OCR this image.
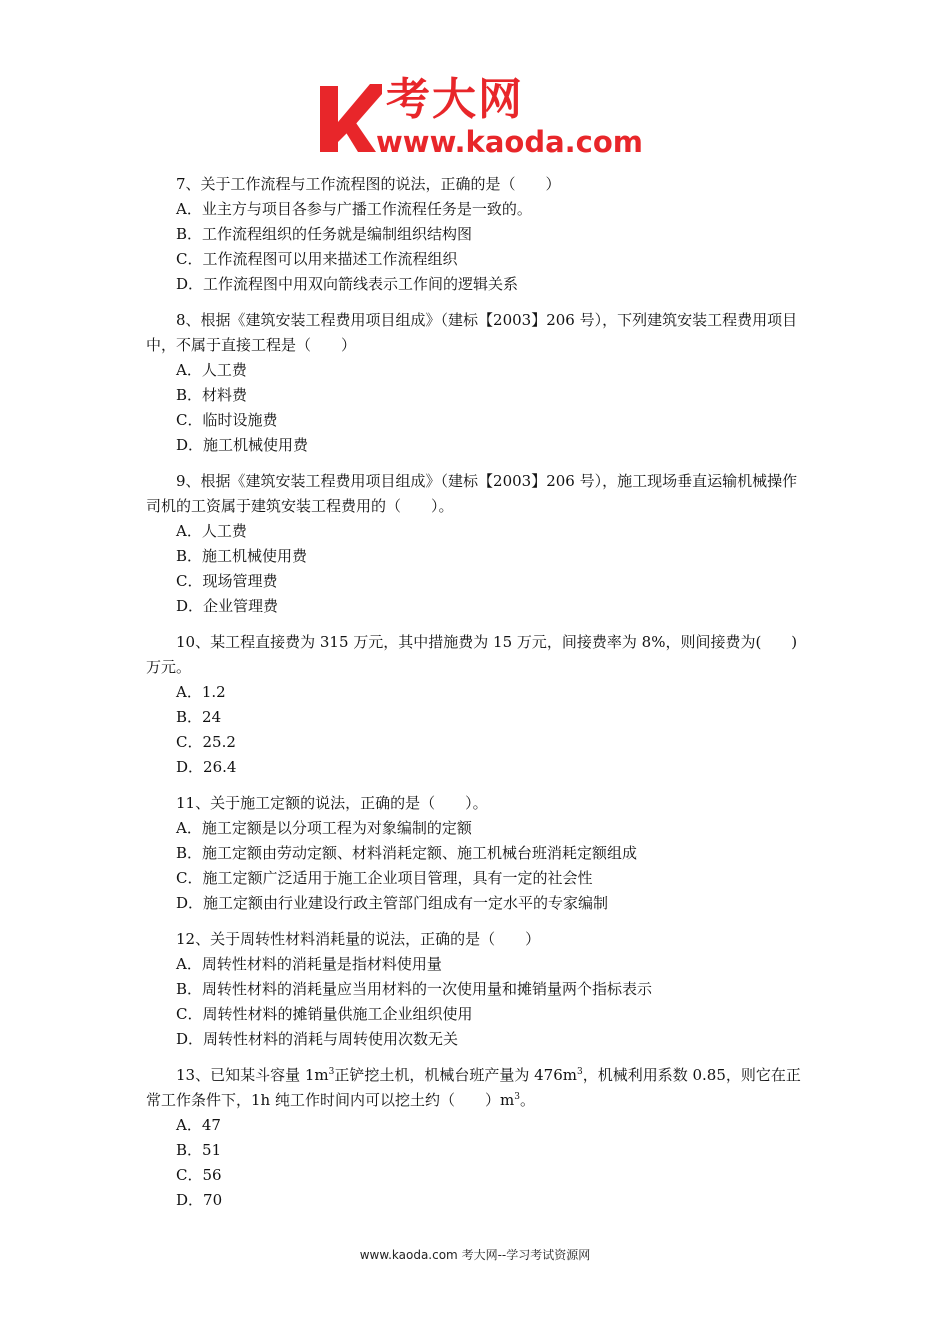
考大网
www.kaoda.com
7、关于工作流程与工作流程图的说法，正确的是（　　）
A．业主方与项目各参与广播工作流程任务是一致的。
B．工作流程组织的任务就是编制组织结构图
C．工作流程图可以用来描述工作流程组织
D．工作流程图中用双向箭线表示工作间的逻辑关系
8、根据《建筑安装工程费用项目组成》（建标【2003】206 号），下列建筑安装工程费用项目中，不属于直接工程是（　　）
A．人工费
B．材料费
C．临时设施费
D．施工机械使用费
9、根据《建筑安装工程费用项目组成》（建标【2003】206 号），施工现场垂直运输机械操作司机的工资属于建筑安装工程费用的（　　）。
A．人工费
B．施工机械使用费
C．现场管理费
D．企业管理费
10、某工程直接费为 315 万元，其中措施费为 15 万元，间接费率为 8%，则间接费为(　　)万元。
A．1.2
B．24
C．25.2
D．26.4
11、关于施工定额的说法，正确的是（　　）。
A．施工定额是以分项工程为对象编制的定额
B．施工定额由劳动定额、材料消耗定额、施工机械台班消耗定额组成
C．施工定额广泛适用于施工企业项目管理，具有一定的社会性
D．施工定额由行业建设行政主管部门组成有一定水平的专家编制
12、关于周转性材料消耗量的说法，正确的是（　　）
A．周转性材料的消耗量是指材料使用量
B．周转性材料的消耗量应当用材料的一次使用量和摊销量两个指标表示
C．周转性材料的摊销量供施工企业组织使用
D．周转性材料的消耗与周转使用次数无关
13、已知某斗容量 $1m^3$正铲挖土机，机械台班产量为 $476m^3$，机械利用系数 0.85，则它在正常工作条件下，1h 纯工作时间内可以挖土约（　　）$m^3$。
A．47
B．51
C．56
D．70
www.kaoda.com 考大网--学习考试资源网
